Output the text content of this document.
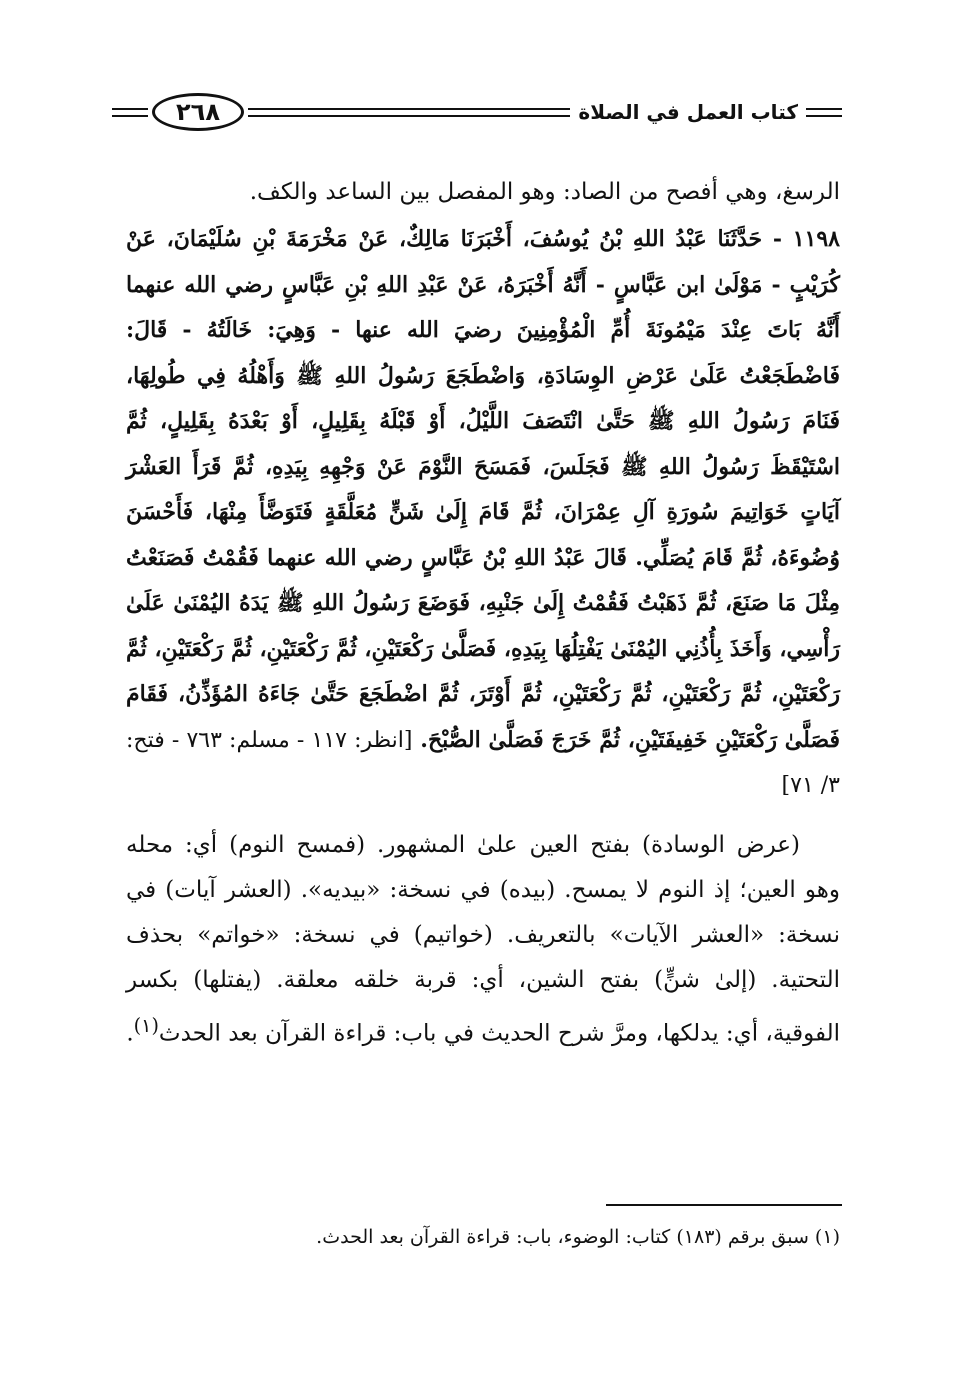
كتاب العمل في الصلاة
٢٦٨

الرسغ، وهي أفصح من الصاد: وهو المفصل بين الساعد والكف.

١١٩٨ - حَدَّثَنَا عَبْدُ اللهِ بْنُ يُوسُفَ، أَخْبَرَنَا مَالِكٌ، عَنْ مَخْرَمَةَ بْنِ سُلَيْمَانَ، عَنْ كُرَيْبٍ - مَوْلَىٰ ابن عَبَّاسٍ - أَنَّهُ أَخْبَرَهُ، عَنْ عَبْدِ اللهِ بْنِ عَبَّاسٍ رضي الله عنهما أَنَّهُ بَاتَ عِنْدَ مَيْمُونَةَ أُمِّ الْمُؤْمِنِينَ رضيَ الله عنها - وَهِيَ: خَالَتُهُ - قَالَ: فَاضْطَجَعْتُ عَلَىٰ عَرْضِ الوِسَادَةِ، وَاضْطَجَعَ رَسُولُ اللهِ ﷺ وَأَهْلُهُ فِي طُولِهَا، فَنَامَ رَسُولُ اللهِ ﷺ حَتَّىٰ انْتَصَفَ اللَّيْلُ، أَوْ قَبْلَهُ بِقَلِيلٍ، أَوْ بَعْدَهُ بِقَلِيلٍ، ثُمَّ اسْتَيْقَظَ رَسُولُ اللهِ ﷺ فَجَلَسَ، فَمَسَحَ النَّوْمَ عَنْ وَجْهِهِ بِيَدِهِ، ثُمَّ قَرَأَ العَشْرَ آيَاتٍ خَوَاتِيمَ سُورَةِ آلِ عِمْرَانَ، ثُمَّ قَامَ إِلَىٰ شَنٍّ مُعَلَّقَةٍ فَتَوَضَّأَ مِنْهَا، فَأَحْسَنَ وُضُوءَهُ، ثُمَّ قَامَ يُصَلِّي. قَالَ عَبْدُ اللهِ بْنُ عَبَّاسٍ رضي الله عنهما فَقُمْتُ فَصَنَعْتُ مِثْلَ مَا صَنَعَ، ثُمَّ ذَهَبْتُ فَقُمْتُ إِلَىٰ جَنْبِهِ، فَوَضَعَ رَسُولُ اللهِ ﷺ يَدَهُ اليُمْنَىٰ عَلَىٰ رَأْسِي، وَأَخَذَ بِأُذُنِي اليُمْنَىٰ يَفْتِلُهَا بِيَدِهِ، فَصَلَّىٰ رَكْعَتَيْنِ، ثُمَّ رَكْعَتَيْنِ، ثُمَّ رَكْعَتَيْنِ، ثُمَّ رَكْعَتَيْنِ، ثُمَّ رَكْعَتَيْنِ، ثُمَّ رَكْعَتَيْنِ، ثُمَّ أَوْتَرَ، ثُمَّ اضْطَجَعَ حَتَّىٰ جَاءَهُ المُؤَذِّنُ، فَقَامَ فَصَلَّىٰ رَكْعَتَيْنِ خَفِيفَتَيْنِ، ثُمَّ خَرَجَ فَصَلَّىٰ الصُّبْحَ. [انظر: ١١٧ - مسلم: ٧٦٣ - فتح: ٣/ ٧١]

(عرض الوسادة) بفتح العين علىٰ المشهور. (فمسح النوم) أي: محله وهو العين؛ إذ النوم لا يمسح. (بيده) في نسخة: «بيديه». (العشر آيات) في نسخة: «العشر الآيات» بالتعريف. (خواتيم) في نسخة: «خواتم» بحذف التحتية. (إلىٰ شنٍّ) بفتح الشين، أي: قربة خلقه معلقة. (يفتلها) بكسر الفوقية، أي: يدلكها، ومرَّ شرح الحديث في باب: قراءة القرآن بعد الحدث$^{(١)}$.

(١) سبق برقم (١٨٣) كتاب: الوضوء، باب: قراءة القرآن بعد الحدث.
